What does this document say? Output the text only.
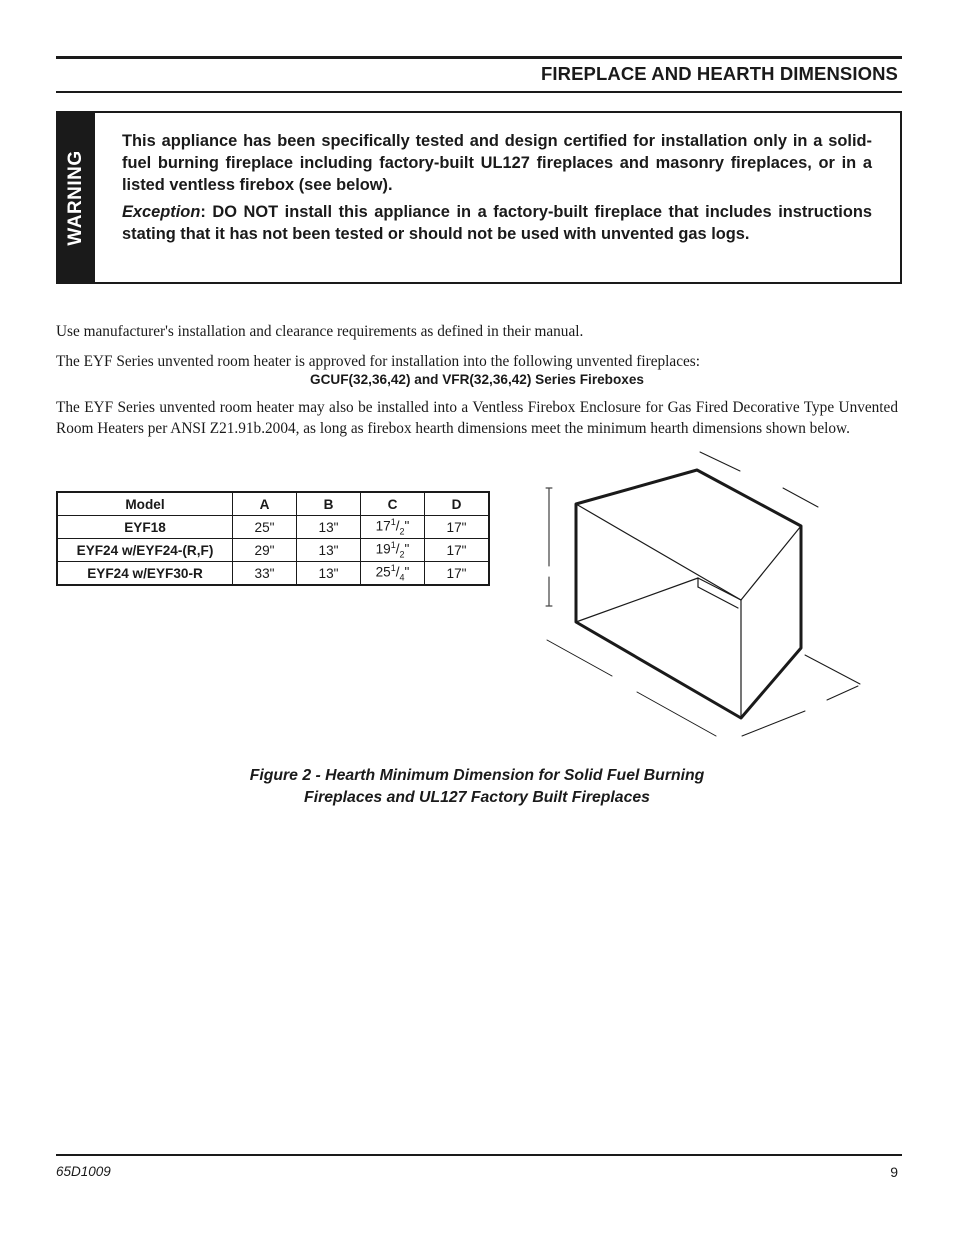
FIREPLACE AND HEARTH DIMENSIONS
WARNING

This appliance has been specifically tested and design certified for installation only in a solid-fuel burning fireplace including factory-built UL127 fireplaces and masonry fireplaces, or in a listed ventless firebox (see below).

Exception: DO NOT install this appliance in a factory-built fireplace that includes instructions stating that it has not been tested or should not be used with unvented gas logs.

Use manufacturer's installation and clearance requirements as defined in their manual.

The EYF Series unvented room heater is approved for installation into the following unvented fireplaces:

GCUF(32,36,42) and VFR(32,36,42) Series Fireboxes

The EYF Series unvented room heater may also be installed into a Ventless Firebox Enclosure for Gas Fired Decorative Type Unvented Room Heaters per ANSI Z21.91b.2004, as long as firebox hearth dimensions meet the minimum hearth dimensions shown below.

Model	A	B	C	D
EYF18	25"	13"	$17^1/_2$"	17"
EYF24 w/EYF24-(R,F)	29"	13"	$19^1/_2$"	17"
EYF24 w/EYF30-R	33"	13"	$25^1/_4$"	17"
Figure 2 - Hearth Minimum Dimension for Solid Fuel Burning
Fireplaces and UL127 Factory Built Fireplaces
65D1009	9
